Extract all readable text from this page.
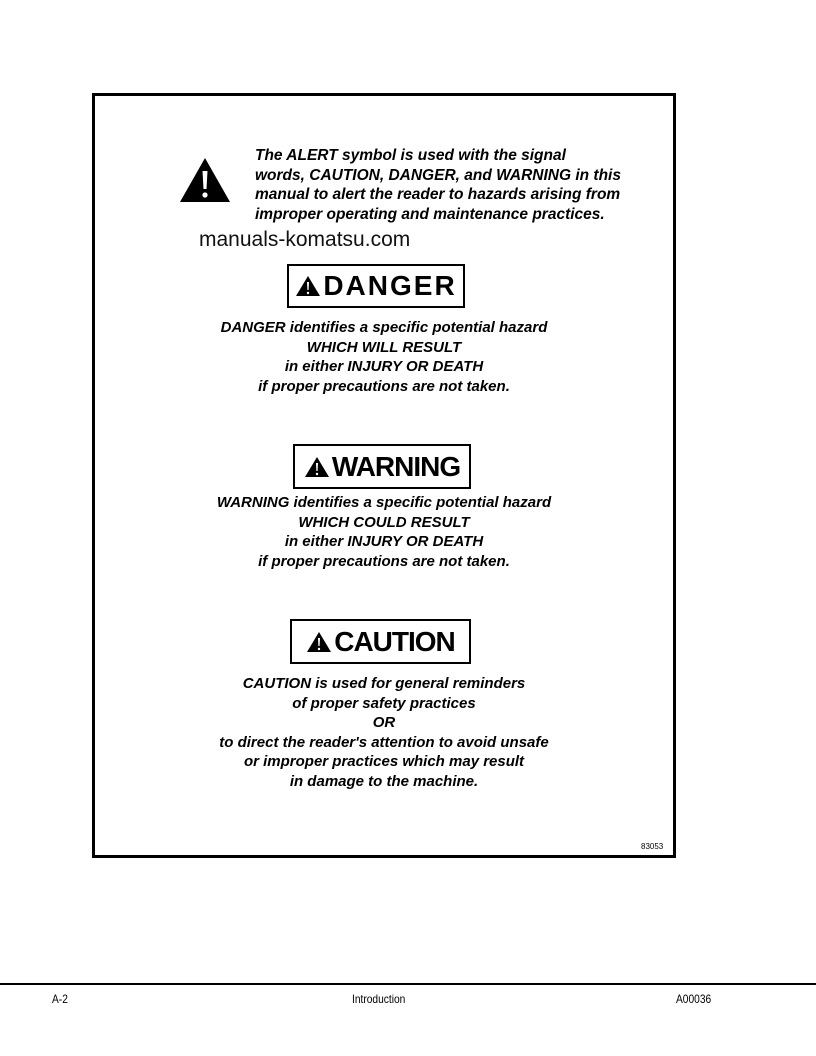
The ALERT symbol is used with the signal
words, CAUTION, DANGER, and WARNING in this
manual to alert the reader to hazards arising from
improper operating and maintenance practices.
manuals-komatsu.com
DANGER
DANGER identifies a specific potential hazard
WHICH WILL RESULT
in either INJURY OR DEATH
if proper precautions are not taken.
WARNING
WARNING identifies a specific potential hazard
WHICH COULD RESULT
in either INJURY OR DEATH
if proper precautions are not taken.
CAUTION
CAUTION is used for general reminders
of proper safety practices
OR
to direct the reader's attention to avoid unsafe
or improper practices which may result
in damage to the machine.
83053
A-2	Introduction	A00036
